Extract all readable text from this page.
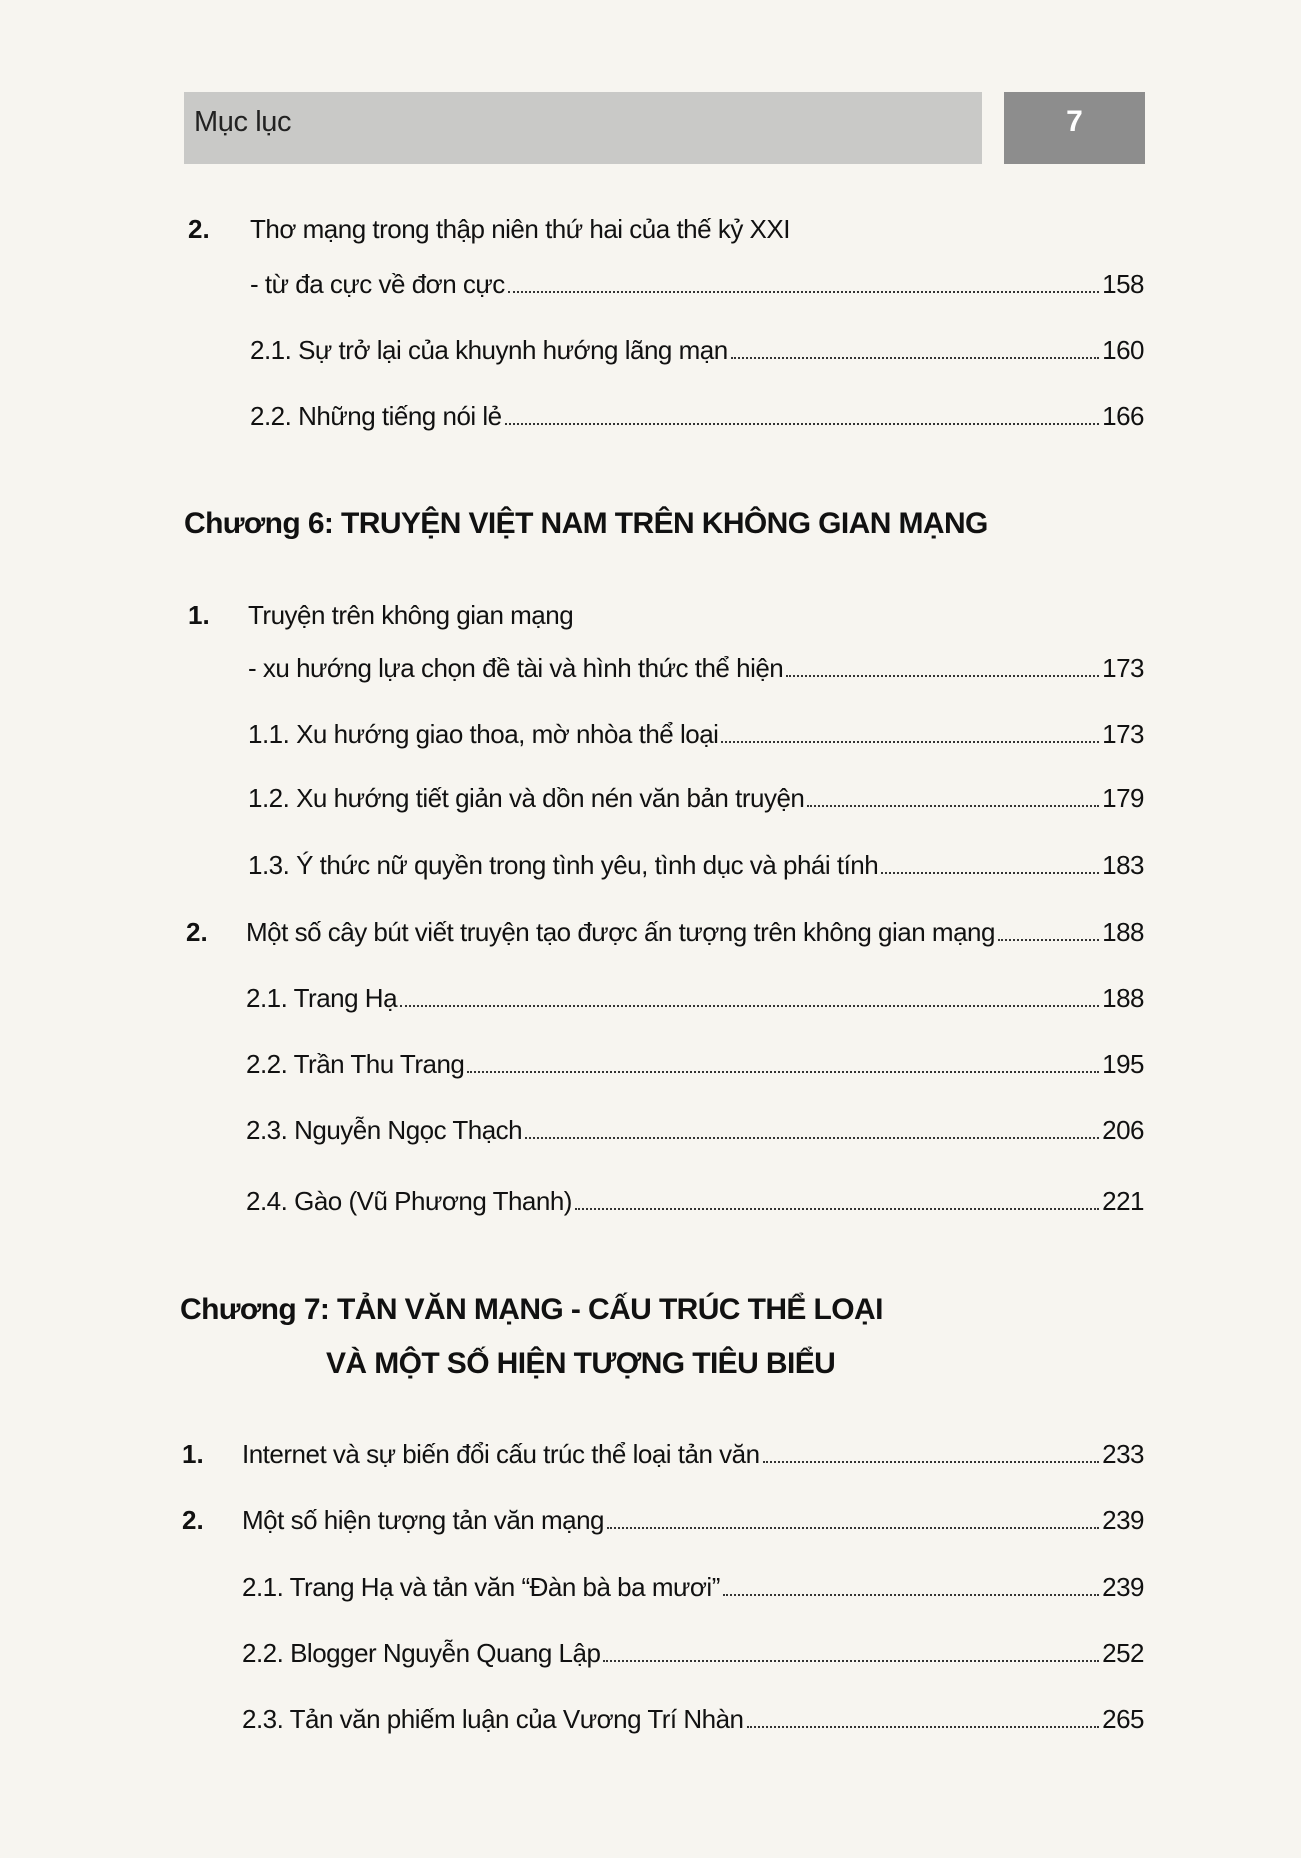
Mục lục	7
2. Thơ mạng trong thập niên thứ hai của thế kỷ XXI
- từ đa cực về đơn cực	158
2.1. Sự trở lại của khuynh hướng lãng mạn	160
2.2. Những tiếng nói lẻ	166
Chương 6: TRUYỆN VIỆT NAM TRÊN KHÔNG GIAN MẠNG
1. Truyện trên không gian mạng
- xu hướng lựa chọn đề tài và hình thức thể hiện	173
1.1. Xu hướng giao thoa, mờ nhòa thể loại	173
1.2. Xu hướng tiết giản và dồn nén văn bản truyện	179
1.3. Ý thức nữ quyền trong tình yêu, tình dục và phái tính	183
2. Một số cây bút viết truyện tạo được ấn tượng trên không gian mạng	188
2.1. Trang Hạ	188
2.2. Trần Thu Trang	195
2.3. Nguyễn Ngọc Thạch	206
2.4. Gào (Vũ Phương Thanh)	221
Chương 7: TẢN VĂN MẠNG - CẤU TRÚC THỂ LOẠI
VÀ MỘT SỐ HIỆN TƯỢNG TIÊU BIỂU
1. Internet và sự biến đổi cấu trúc thể loại tản văn	233
2. Một số hiện tượng tản văn mạng	239
2.1. Trang Hạ và tản văn “Đàn bà ba mươi”	239
2.2. Blogger Nguyễn Quang Lập	252
2.3. Tản văn phiếm luận của Vương Trí Nhàn	265
